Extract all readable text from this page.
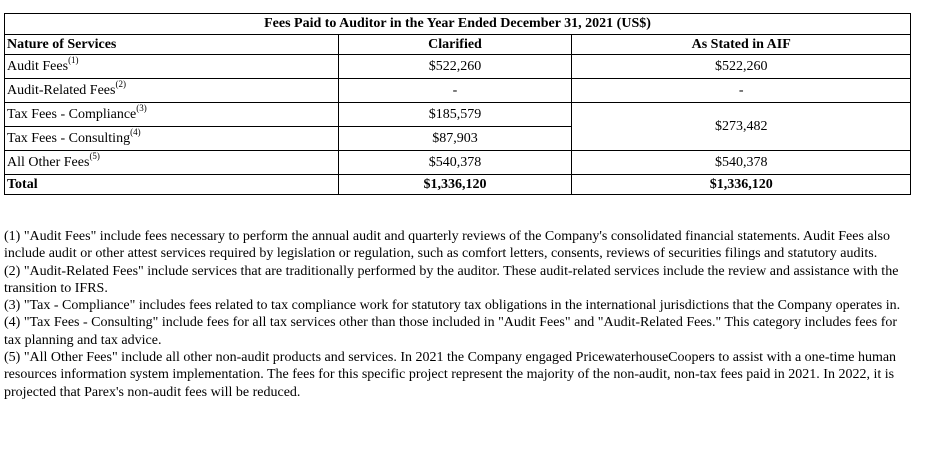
Fees Paid to Auditor in the Year Ended December 31, 2021 (US$)		
Nature of Services	Clarified	As Stated in AIF
Audit Fees$^{(1)}$	$522,260	$522,260
Audit-Related Fees$^{(2)}$	-	-
Tax Fees - Compliance$^{(3)}$	$185,579	$273,482
Tax Fees - Consulting$^{(4)}$	$87,903	
All Other Fees$^{(5)}$	$540,378	$540,378
Total	$1,336,120	$1,336,120

(1) "Audit Fees" include fees necessary to perform the annual audit and quarterly reviews of the Company's consolidated financial statements. Audit Fees also include audit or other attest services required by legislation or regulation, such as comfort letters, consents, reviews of securities filings and statutory audits.

(2) "Audit-Related Fees" include services that are traditionally performed by the auditor. These audit-related services include the review and assistance with the transition to IFRS.

(3) "Tax - Compliance" includes fees related to tax compliance work for statutory tax obligations in the international jurisdictions that the Company operates in.

(4) "Tax Fees - Consulting" include fees for all tax services other than those included in "Audit Fees" and "Audit-Related Fees." This category includes fees for tax planning and tax advice.

(5) "All Other Fees" include all other non-audit products and services. In 2021 the Company engaged PricewaterhouseCoopers to assist with a one-time human resources information system implementation. The fees for this specific project represent the majority of the non-audit, non-tax fees paid in 2021. In 2022, it is projected that Parex's non-audit fees will be reduced.
